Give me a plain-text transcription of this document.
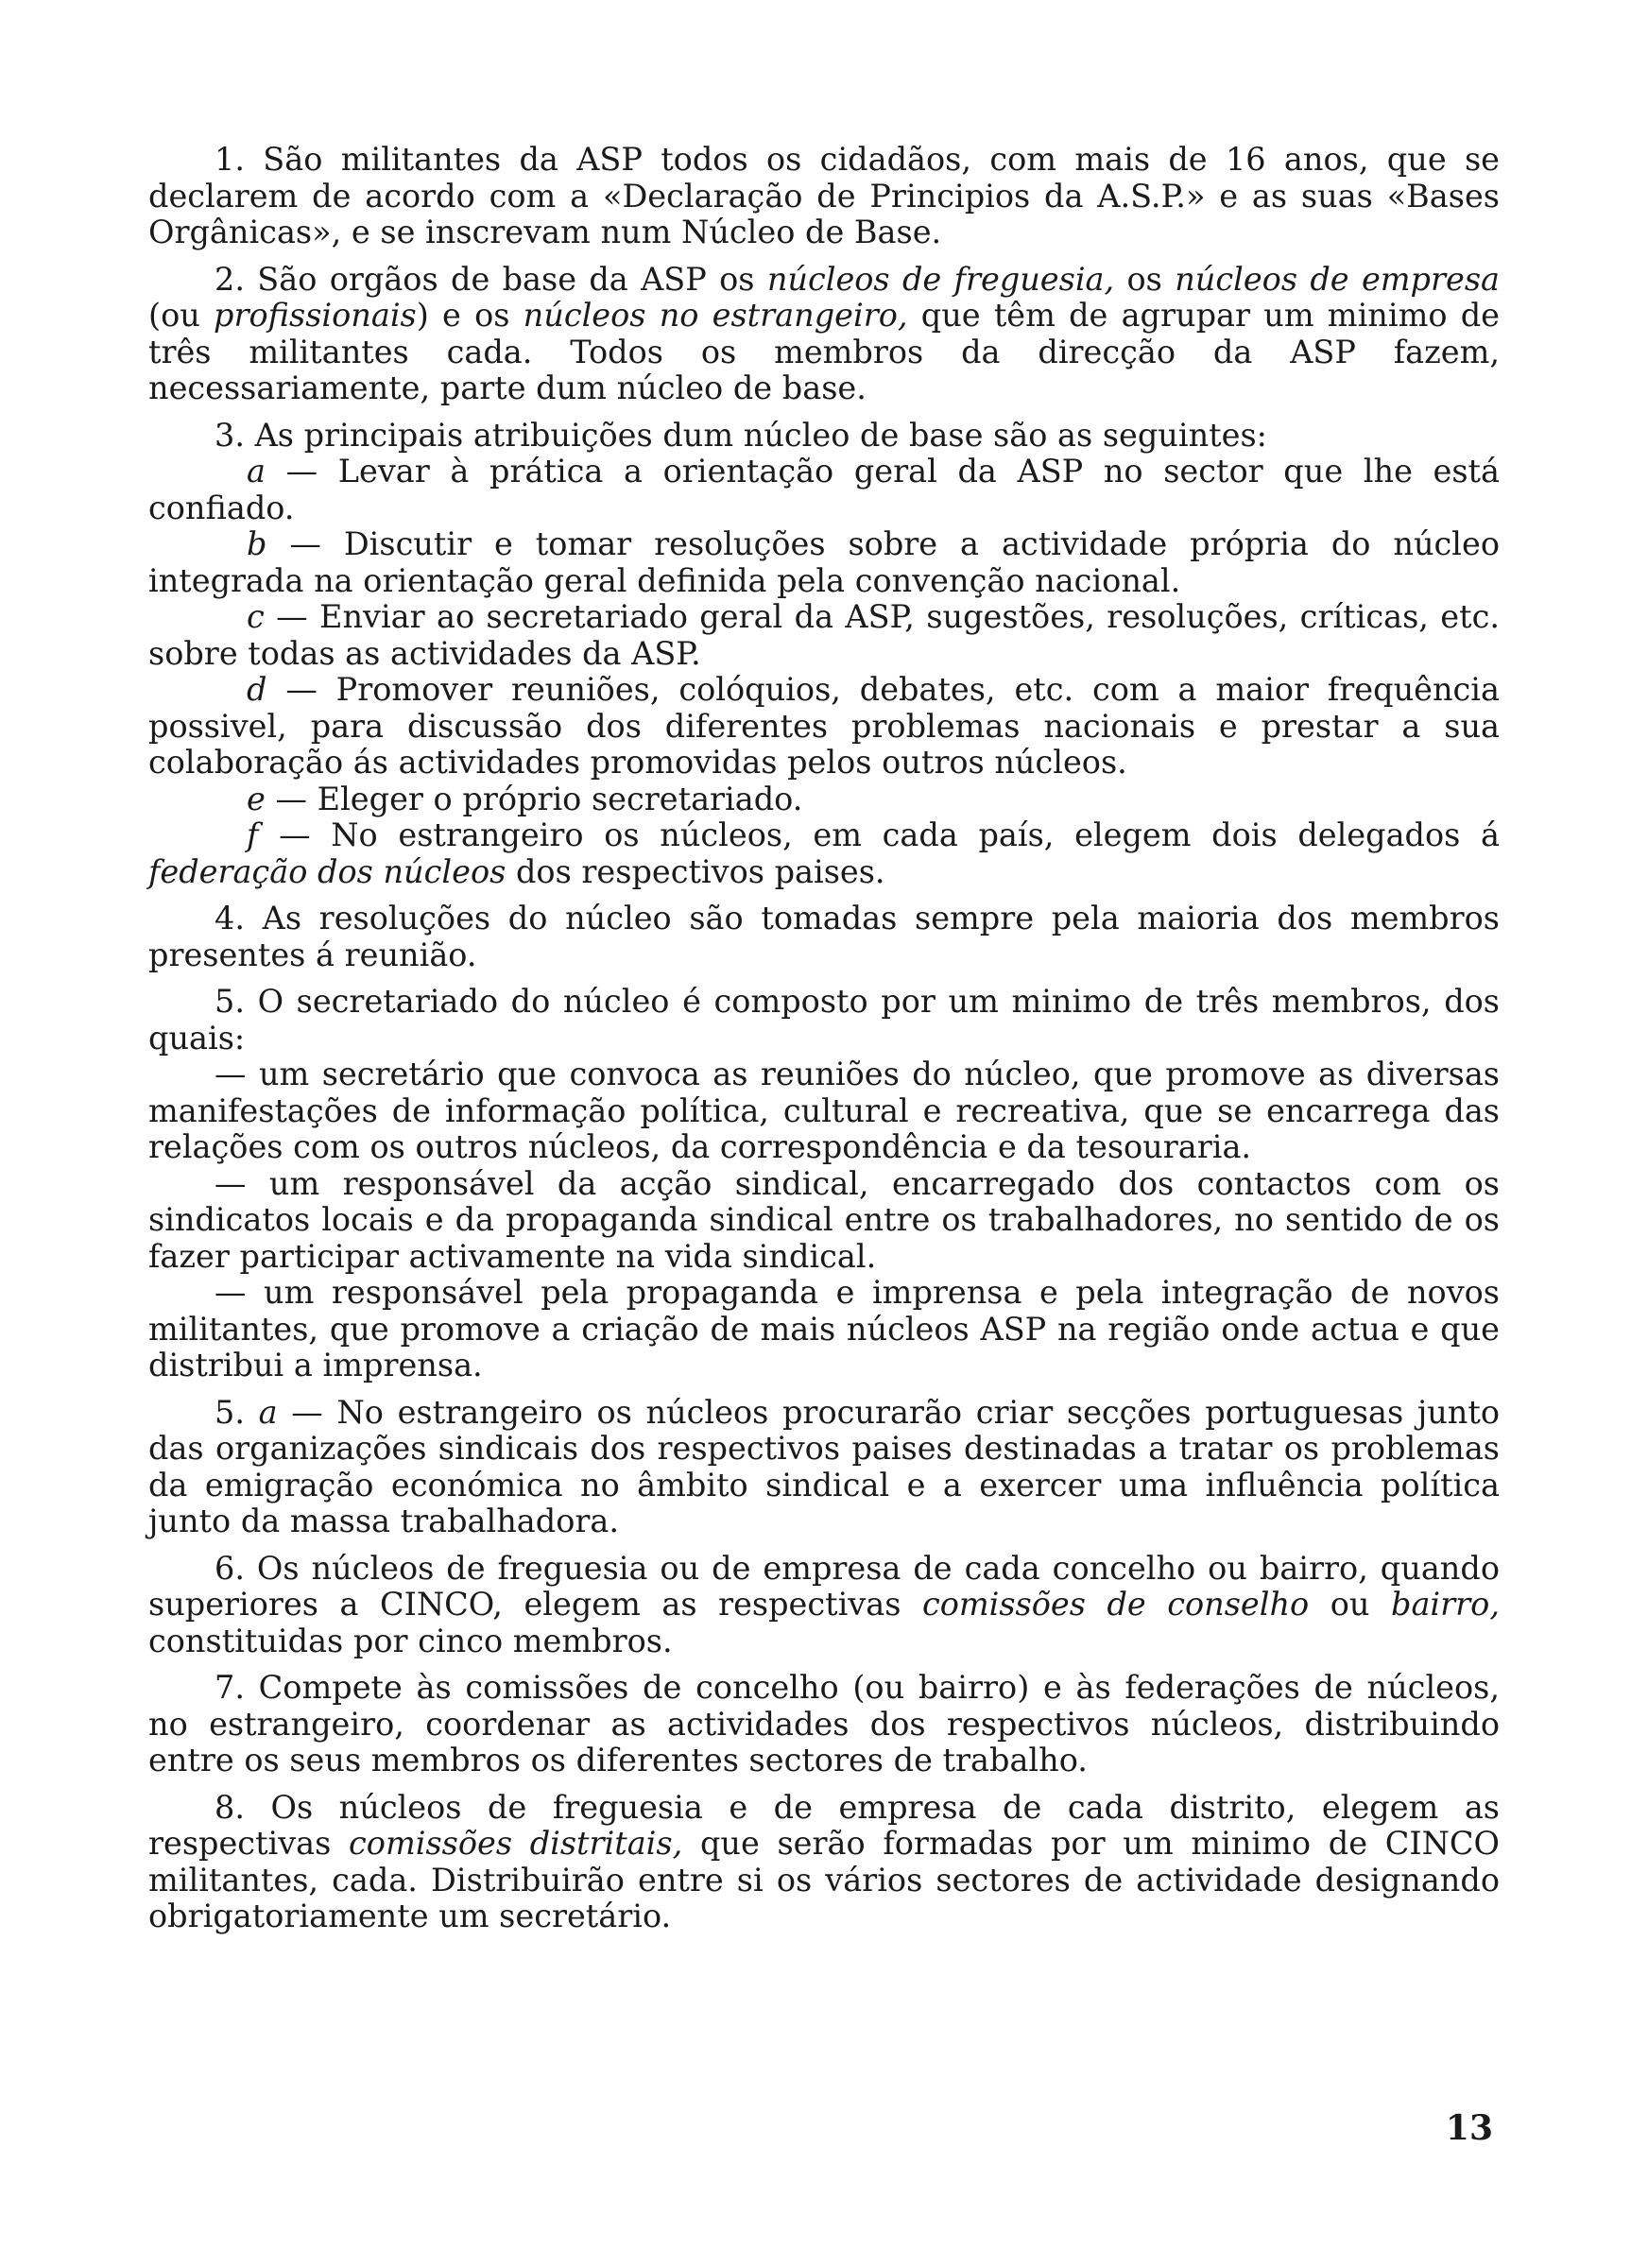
1. São militantes da ASP todos os cidadãos, com mais de 16 anos, que se declarem de acordo com a «Declaração de Principios da A.S.P.» e as suas «Bases Orgânicas», e se inscrevam num Núcleo de Base.

2. São orgãos de base da ASP os núcleos de freguesia, os núcleos de empresa (ou profissionais) e os núcleos no estrangeiro, que têm de agrupar um minimo de três militantes cada. Todos os membros da direcção da ASP fazem, necessariamente, parte dum núcleo de base.

3. As principais atribuições dum núcleo de base são as seguintes:

a — Levar à prática a orientação geral da ASP no sector que lhe está confiado.

b — Discutir e tomar resoluções sobre a actividade própria do núcleo integrada na orientação geral definida pela convenção nacional.

c — Enviar ao secretariado geral da ASP, sugestões, resoluções, críticas, etc. sobre todas as actividades da ASP.

d — Promover reuniões, colóquios, debates, etc. com a maior frequência possivel, para discussão dos diferentes problemas nacionais e prestar a sua colaboração ás actividades promovidas pelos outros núcleos.

e — Eleger o próprio secretariado.

f — No estrangeiro os núcleos, em cada país, elegem dois delegados á federação dos núcleos dos respectivos paises.

4. As resoluções do núcleo são tomadas sempre pela maioria dos membros presentes á reunião.

5. O secretariado do núcleo é composto por um minimo de três membros, dos quais:

— um secretário que convoca as reuniões do núcleo, que promove as diversas manifestações de informação política, cultural e recreativa, que se encarrega das relações com os outros núcleos, da correspondência e da tesouraria.

— um responsável da acção sindical, encarregado dos contactos com os sindicatos locais e da propaganda sindical entre os trabalhadores, no sentido de os fazer participar activamente na vida sindical.

— um responsável pela propaganda e imprensa e pela integração de novos militantes, que promove a criação de mais núcleos ASP na região onde actua e que distribui a imprensa.

5. a — No estrangeiro os núcleos procurarão criar secções portuguesas junto das organizações sindicais dos respectivos paises destinadas a tratar os problemas da emigração económica no âmbito sindical e a exercer uma influência política junto da massa trabalhadora.

6. Os núcleos de freguesia ou de empresa de cada concelho ou bairro, quando superiores a CINCO, elegem as respectivas comissões de conselho ou bairro, constituidas por cinco membros.

7. Compete às comissões de concelho (ou bairro) e às federações de núcleos, no estrangeiro, coordenar as actividades dos respectivos núcleos, distribuindo entre os seus membros os diferentes sectores de trabalho.

8. Os núcleos de freguesia e de empresa de cada distrito, elegem as respectivas comissões distritais, que serão formadas por um minimo de CINCO militantes, cada. Distribuirão entre si os vários sectores de actividade designando obrigatoriamente um secretário.

13
